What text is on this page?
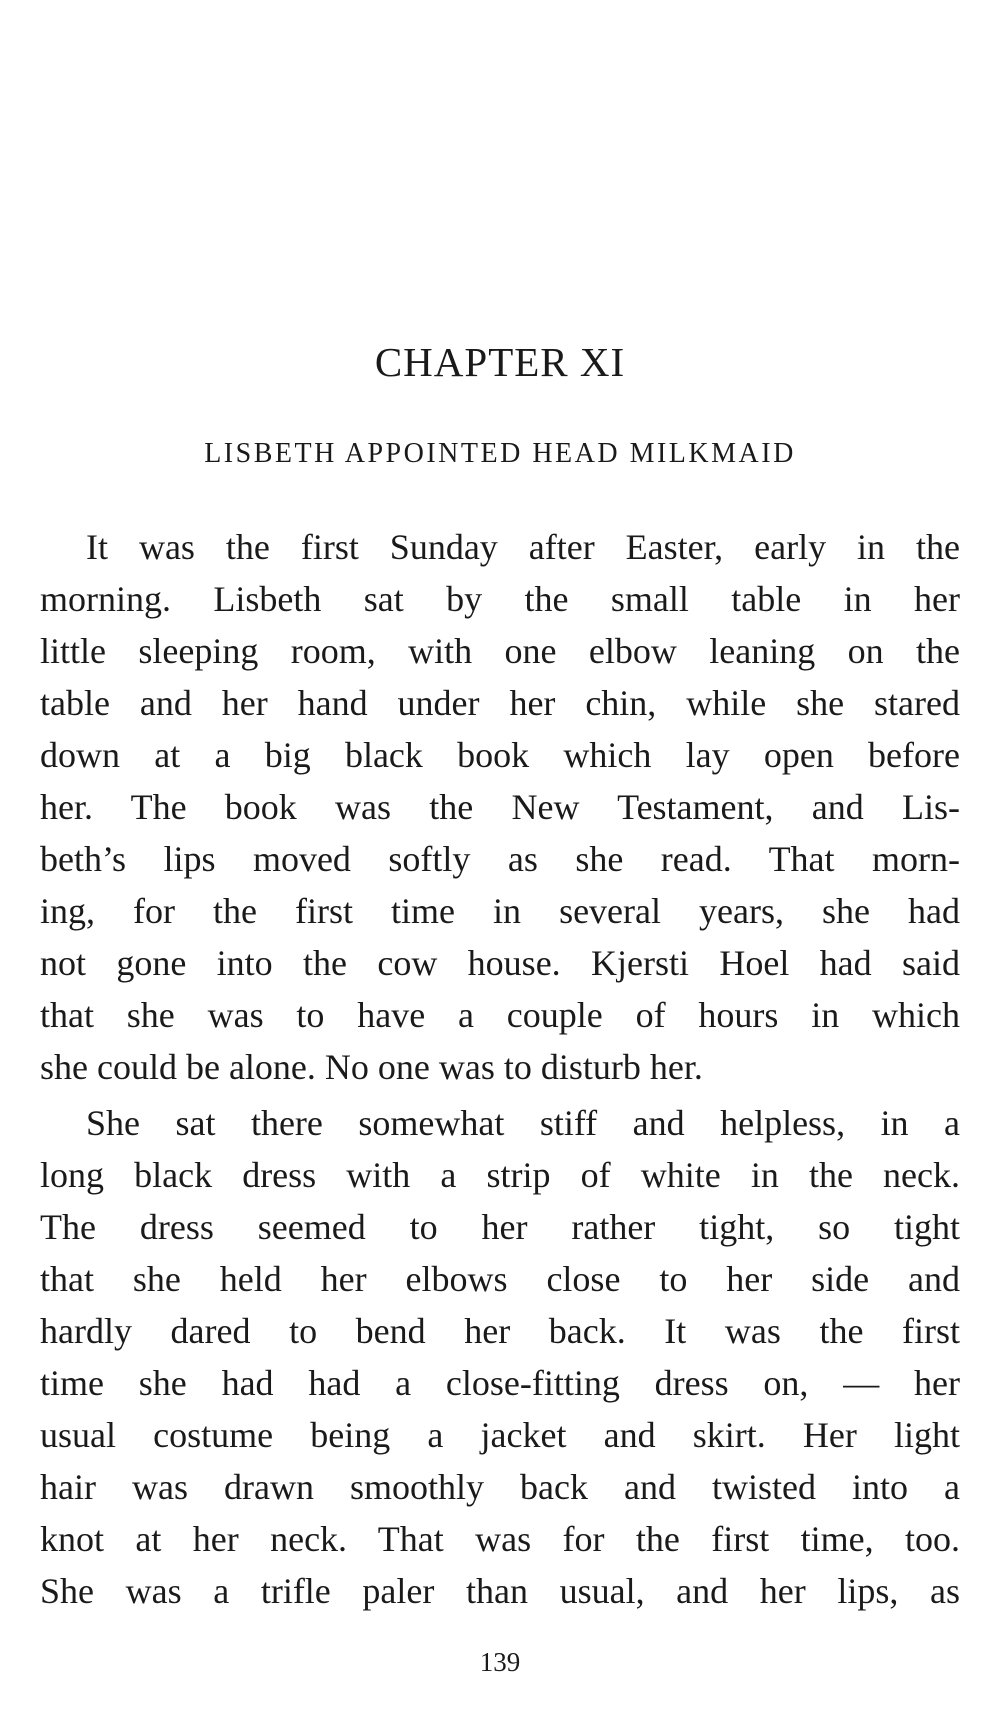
CHAPTER XI
LISBETH APPOINTED HEAD MILKMAID
It was the first Sunday after Easter, early in the
morning. Lisbeth sat by the small table in her
little sleeping room, with one elbow leaning on the
table and her hand under her chin, while she stared
down at a big black book which lay open before
her. The book was the New Testament, and Lis-
beth’s lips moved softly as she read. That morn-
ing, for the first time in several years, she had
not gone into the cow house. Kjersti Hoel had said
that she was to have a couple of hours in which
she could be alone. No one was to disturb her.
She sat there somewhat stiff and helpless, in a
long black dress with a strip of white in the neck.
The dress seemed to her rather tight, so tight
that she held her elbows close to her side and
hardly dared to bend her back. It was the first
time she had had a close-fitting dress on, — her
usual costume being a jacket and skirt. Her light
hair was drawn smoothly back and twisted into a
knot at her neck. That was for the first time, too.
She was a trifle paler than usual, and her lips, as
139
